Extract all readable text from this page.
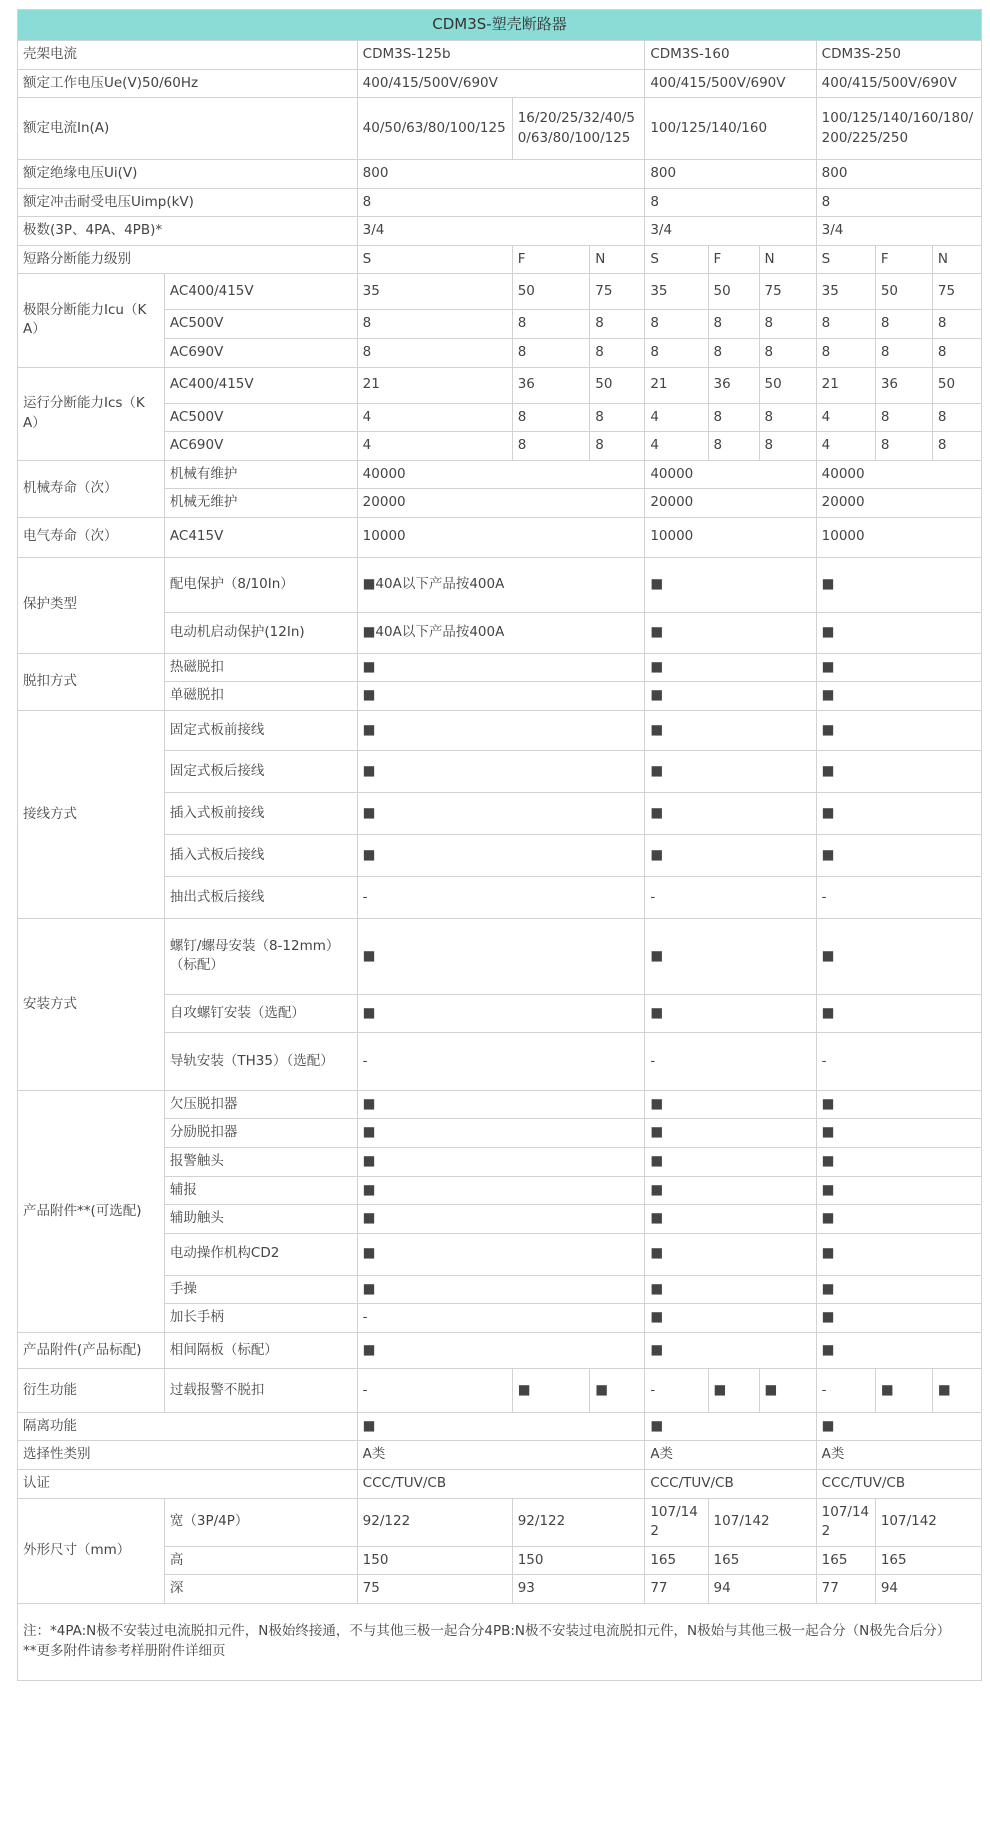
CDM3S-塑壳断路器										
壳架电流		CDM3S-125b			CDM3S-160			CDM3S-250		
额定工作电压Ue(V)50/60Hz		400/415/500V/690V			400/415/500V/690V			400/415/500V/690V		
额定电流In(A)		40/50/63/80/100/125	16/20/25/32/40/50/63/80/100/125		100/125/140/160			100/125/140/160/180/200/225/250		
额定绝缘电压Ui(V)		800			800			800		
额定冲击耐受电压Uimp(kV)		8			8			8		
极数(3P、4PA、4PB)*		3/4			3/4			3/4		
短路分断能力级别		S	F	N	S	F	N	S	F	N
极限分断能力Icu（KA）	AC400/415V	35	50	75	35	50	75	35	50	75
	AC500V	8	8	8	8	8	8	8	8	8
	AC690V	8	8	8	8	8	8	8	8	8
运行分断能力Ics（KA）	AC400/415V	21	36	50	21	36	50	21	36	50
	AC500V	4	8	8	4	8	8	4	8	8
	AC690V	4	8	8	4	8	8	4	8	8
机械寿命（次）	机械有维护	40000			40000			40000		
	机械无维护	20000			20000			20000		
电气寿命（次）	AC415V	10000			10000			10000		
保护类型	配电保护（8/10In）	■40A以下产品按400A			■			■		
	电动机启动保护(12In)	■40A以下产品按400A			■			■		
脱扣方式	热磁脱扣	■			■			■		
	单磁脱扣	■			■			■		
接线方式	固定式板前接线	■			■			■		
	固定式板后接线	■			■			■		
	插入式板前接线	■			■			■		
	插入式板后接线	■			■			■		
	抽出式板后接线	-			-			-		
安装方式	螺钉/螺母安装（8-12mm）（标配）	■			■			■		
	自攻螺钉安装（选配）	■			■			■		
	导轨安装（TH35）（选配）	-			-			-		
产品附件**(可选配)	欠压脱扣器	■			■			■		
	分励脱扣器	■			■			■		
	报警触头	■			■			■		
	辅报	■			■			■		
	辅助触头	■			■			■		
	电动操作机构CD2	■			■			■		
	手操	■			■			■		
	加长手柄	-			■			■		
产品附件(产品标配)	相间隔板（标配）	■			■			■		
衍生功能	过载报警不脱扣	-	■	■	-	■	■	-	■	■
隔离功能		■			■			■		
选择性类别		A类			A类			A类		
认证		CCC/TUV/CB			CCC/TUV/CB			CCC/TUV/CB		
外形尺寸（mm）	宽（3P/4P）	92/122	92/122		107/142	107/142		107/142	107/142	
	高	150	150		165	165		165	165	
	深	75	93		77	94		77	94	

注：*4PA:N极不安装过电流脱扣元件，N极始终接通，不与其他三极一起合分4PB:N极不安装过电流脱扣元件，N极始与其他三极一起合分（N极先合后分）
**更多附件请参考样册附件详细页										
